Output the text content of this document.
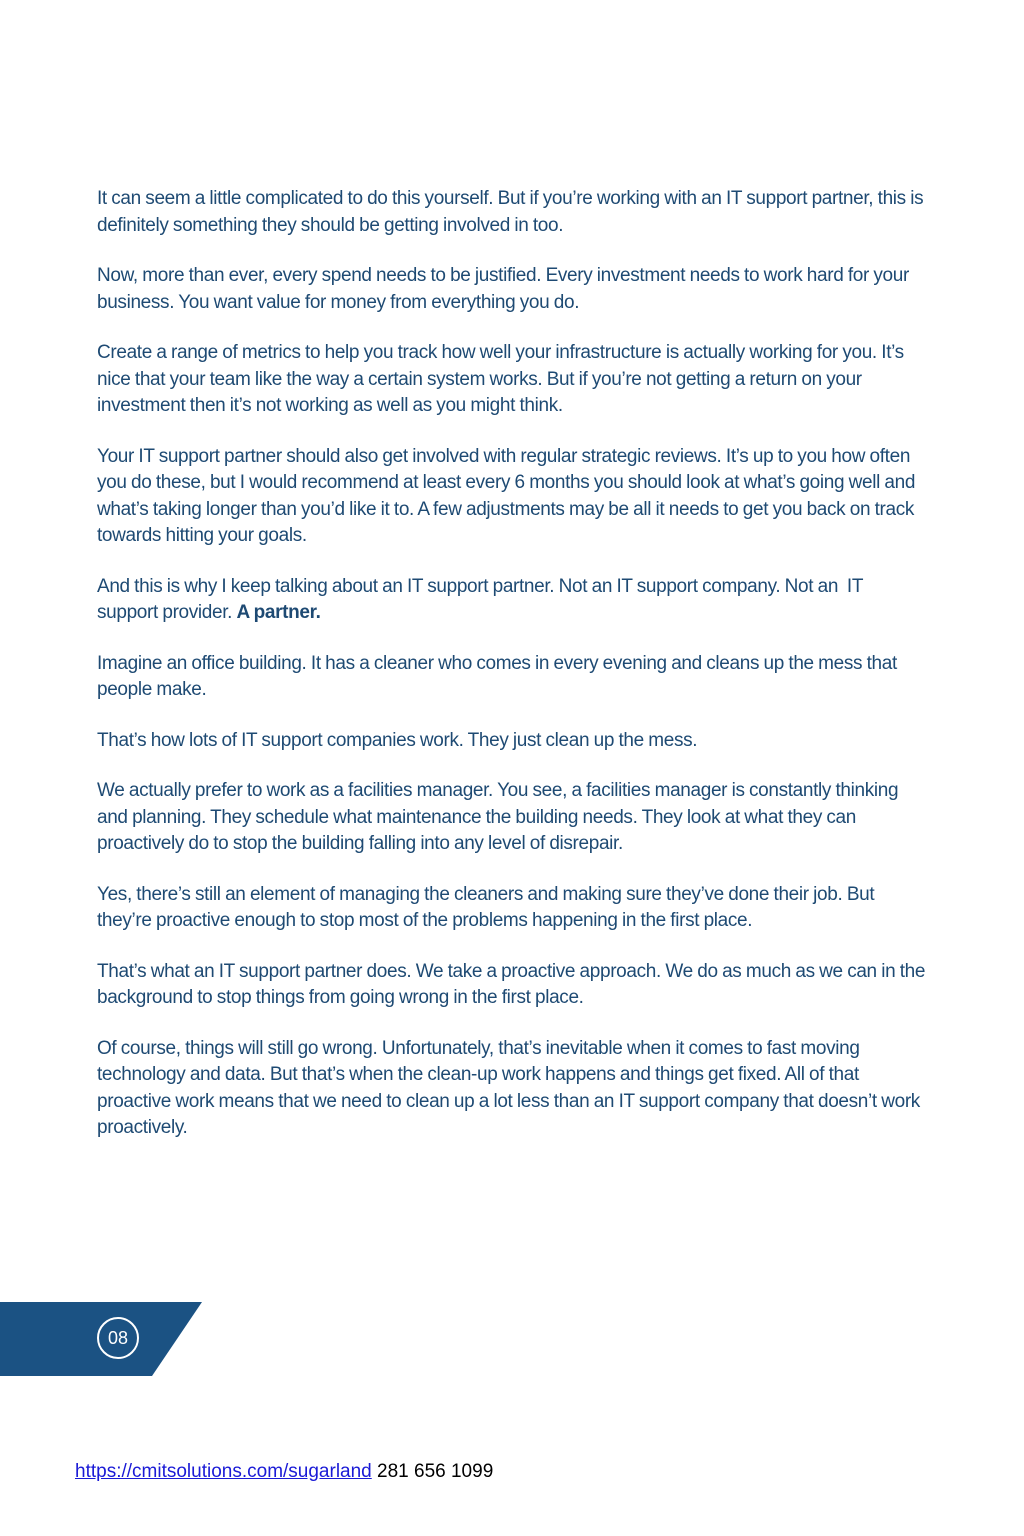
It can seem a little complicated to do this yourself. But if you’re working with an IT support partner, this is definitely something they should be getting involved in too.

Now, more than ever, every spend needs to be justified. Every investment needs to work hard for your business. You want value for money from everything you do.

Create a range of metrics to help you track how well your infrastructure is actually working for you. It’s nice that your team like the way a certain system works. But if you’re not getting a return on your investment then it’s not working as well as you might think.

Your IT support partner should also get involved with regular strategic reviews. It’s up to you how often you do these, but I would recommend at least every 6 months you should look at what’s going well and what’s taking longer than you’d like it to. A few adjustments may be all it needs to get you back on track towards hitting your goals.

And this is why I keep talking about an IT support partner. Not an IT support company. Not an  IT support provider. A partner.

Imagine an office building. It has a cleaner who comes in every evening and cleans up the mess that people make.

That’s how lots of IT support companies work. They just clean up the mess.

We actually prefer to work as a facilities manager. You see, a facilities manager is constantly thinking and planning. They schedule what maintenance the building needs. They look at what they can proactively do to stop the building falling into any level of disrepair.

Yes, there’s still an element of managing the cleaners and making sure they’ve done their job. But they’re proactive enough to stop most of the problems happening in the first place.

That’s what an IT support partner does. We take a proactive approach. We do as much as we can in the background to stop things from going wrong in the first place.

Of course, things will still go wrong. Unfortunately, that’s inevitable when it comes to fast moving technology and data. But that’s when the clean-up work happens and things get fixed. All of that proactive work means that we need to clean up a lot less than an IT support company that doesn’t work proactively.

08
https://cmitsolutions.com/sugarland 281 656 1099
